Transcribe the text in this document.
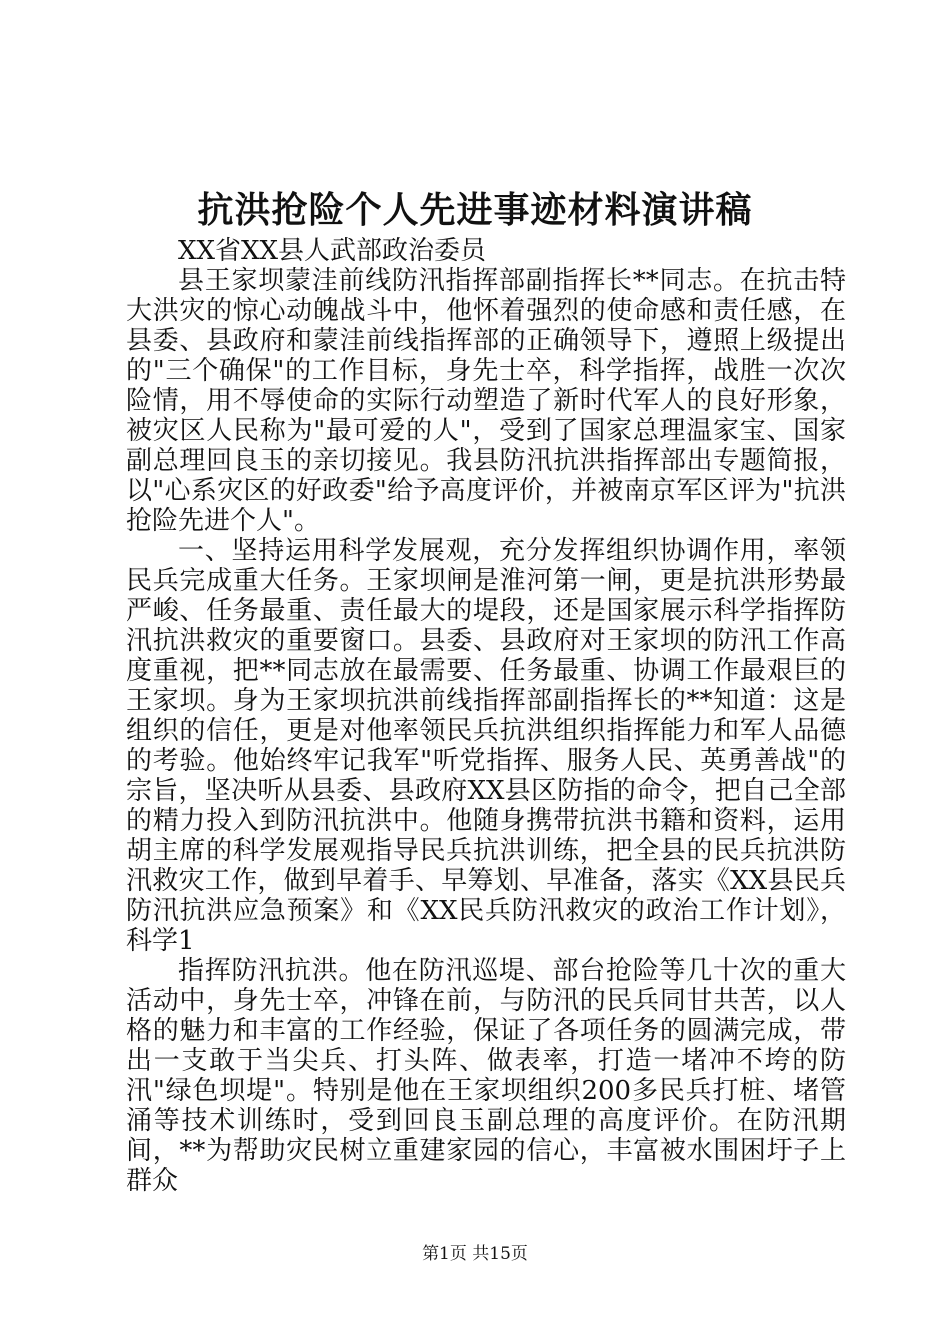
抗洪抢险个人先进事迹材料演讲稿

XX省XX县人武部政治委员

县王家坝蒙洼前线防汛指挥部副指挥长**同志。在抗击特大洪灾的惊心动魄战斗中，他怀着强烈的使命感和责任感，在县委、县政府和蒙洼前线指挥部的正确领导下，遵照上级提出的"三个确保"的工作目标，身先士卒，科学指挥，战胜一次次险情，用不辱使命的实际行动塑造了新时代军人的良好形象，被灾区人民称为"最可爱的人"，受到了国家总理温家宝、国家副总理回良玉的亲切接见。我县防汛抗洪指挥部出专题简报，以"心系灾区的好政委"给予高度评价，并被南京军区评为"抗洪抢险先进个人"。

一、坚持运用科学发展观，充分发挥组织协调作用，率领民兵完成重大任务。王家坝闸是淮河第一闸，更是抗洪形势最严峻、任务最重、责任最大的堤段，还是国家展示科学指挥防汛抗洪救灾的重要窗口。县委、县政府对王家坝的防汛工作高度重视，把**同志放在最需要、任务最重、协调工作最艰巨的王家坝。身为王家坝抗洪前线指挥部副指挥长的**知道：这是组织的信任，更是对他率领民兵抗洪组织指挥能力和军人品德的考验。他始终牢记我军"听党指挥、服务人民、英勇善战"的宗旨，坚决听从县委、县政府XX县区防指的命令，把自己全部的精力投入到防汛抗洪中。他随身携带抗洪书籍和资料，运用胡主席的科学发展观指导民兵抗洪训练，把全县的民兵抗洪防汛救灾工作，做到早着手、早筹划、早准备，落实《XX县民兵防汛抗洪应急预案》和《XX民兵防汛救灾的政治工作计划》，科学1

指挥防汛抗洪。他在防汛巡堤、部台抢险等几十次的重大活动中，身先士卒，冲锋在前，与防汛的民兵同甘共苦，以人格的魅力和丰富的工作经验，保证了各项任务的圆满完成，带出一支敢于当尖兵、打头阵、做表率，打造一堵冲不垮的防汛"绿色坝堤"。特别是他在王家坝组织200多民兵打桩、堵管涌等技术训练时，受到回良玉副总理的高度评价。在防汛期间，**为帮助灾民树立重建家园的信心，丰富被水围困圩子上群众

第1页 共15页
